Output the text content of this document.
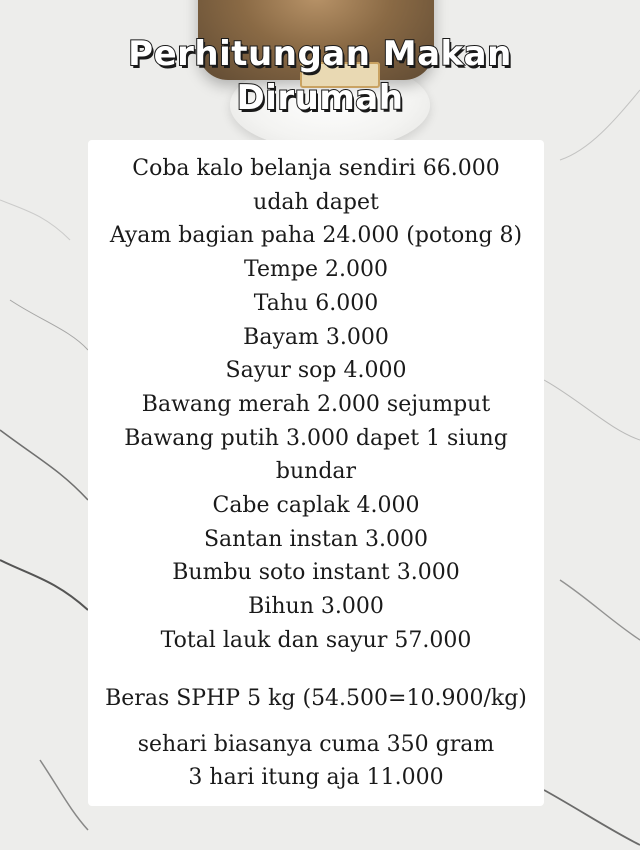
Perhitungan Makan
Dirumah
Coba kalo belanja sendiri 66.000
udah dapet
Ayam bagian paha 24.000 (potong 8)
Tempe 2.000
Tahu 6.000
Bayam 3.000
Sayur sop 4.000
Bawang merah 2.000 sejumput
Bawang putih 3.000 dapet 1 siung
bundar
Cabe caplak 4.000
Santan instan 3.000
Bumbu soto instant 3.000
Bihun 3.000
Total lauk dan sayur 57.000
Beras SPHP 5 kg (54.500=10.900/kg)
sehari biasanya cuma 350 gram
3 hari itung aja 11.000
